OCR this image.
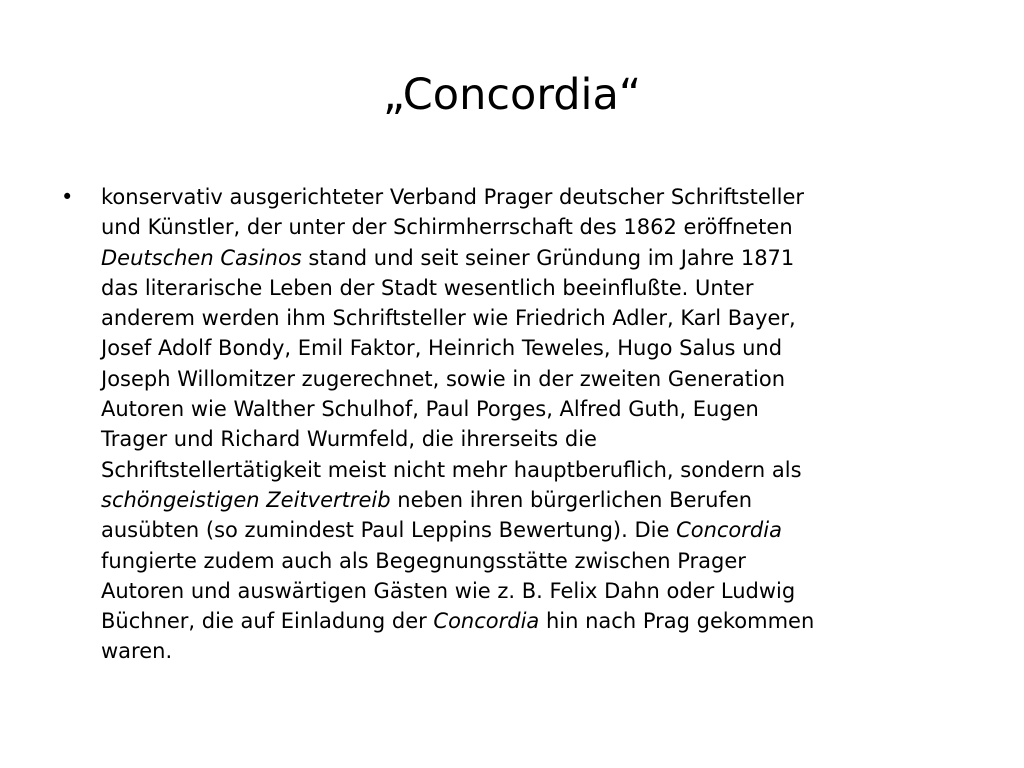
„Concordia“
• konservativ ausgerichteter Verband Prager deutscher Schriftsteller
und Künstler, der unter der Schirmherrschaft des 1862 eröffneten
Deutschen Casinos stand und seit seiner Gründung im Jahre 1871
das literarische Leben der Stadt wesentlich beeinflußte. Unter
anderem werden ihm Schriftsteller wie Friedrich Adler, Karl Bayer,
Josef Adolf Bondy, Emil Faktor, Heinrich Teweles, Hugo Salus und
Joseph Willomitzer zugerechnet, sowie in der zweiten Generation
Autoren wie Walther Schulhof, Paul Porges, Alfred Guth, Eugen
Trager und Richard Wurmfeld, die ihrerseits die
Schriftstellertätigkeit meist nicht mehr hauptberuflich, sondern als
schöngeistigen Zeitvertreib neben ihren bürgerlichen Berufen
ausübten (so zumindest Paul Leppins Bewertung). Die Concordia
fungierte zudem auch als Begegnungsstätte zwischen Prager
Autoren und auswärtigen Gästen wie z. B. Felix Dahn oder Ludwig
Büchner, die auf Einladung der Concordia hin nach Prag gekommen
waren.
